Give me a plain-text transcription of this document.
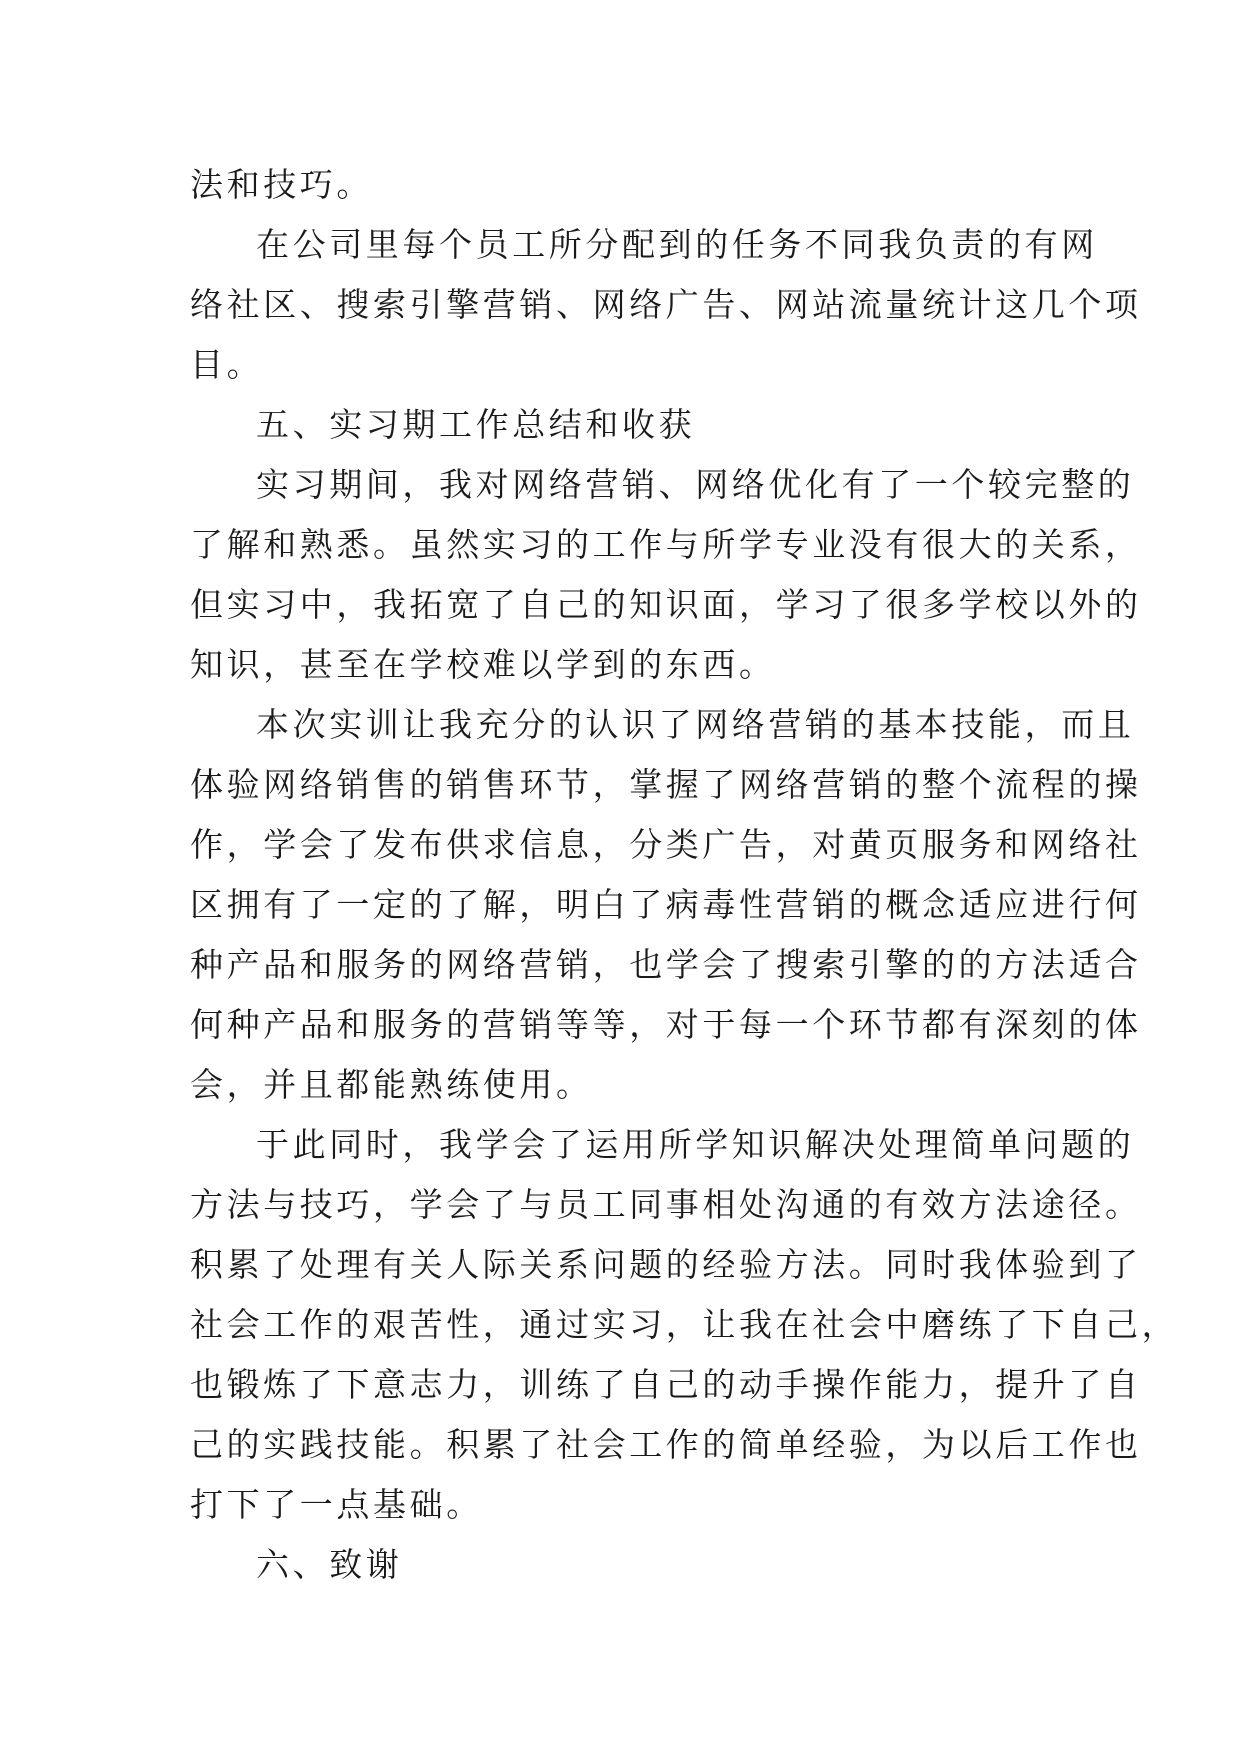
法和技巧。

在公司里每个员工所分配到的任务不同我负责的有网
络社区、搜索引擎营销、网络广告、网站流量统计这几个项
目。

五、实习期工作总结和收获

实习期间，我对网络营销、网络优化有了一个较完整的
了解和熟悉。虽然实习的工作与所学专业没有很大的关系，
但实习中，我拓宽了自己的知识面，学习了很多学校以外的
知识，甚至在学校难以学到的东西。

本次实训让我充分的认识了网络营销的基本技能，而且
体验网络销售的销售环节，掌握了网络营销的整个流程的操
作，学会了发布供求信息，分类广告，对黄页服务和网络社
区拥有了一定的了解，明白了病毒性营销的概念适应进行何
种产品和服务的网络营销，也学会了搜索引擎的的方法适合
何种产品和服务的营销等等，对于每一个环节都有深刻的体
会，并且都能熟练使用。

于此同时，我学会了运用所学知识解决处理简单问题的
方法与技巧，学会了与员工同事相处沟通的有效方法途径。
积累了处理有关人际关系问题的经验方法。同时我体验到了
社会工作的艰苦性，通过实习，让我在社会中磨练了下自己，
也锻炼了下意志力，训练了自己的动手操作能力，提升了自
己的实践技能。积累了社会工作的简单经验，为以后工作也
打下了一点基础。

六、致谢
